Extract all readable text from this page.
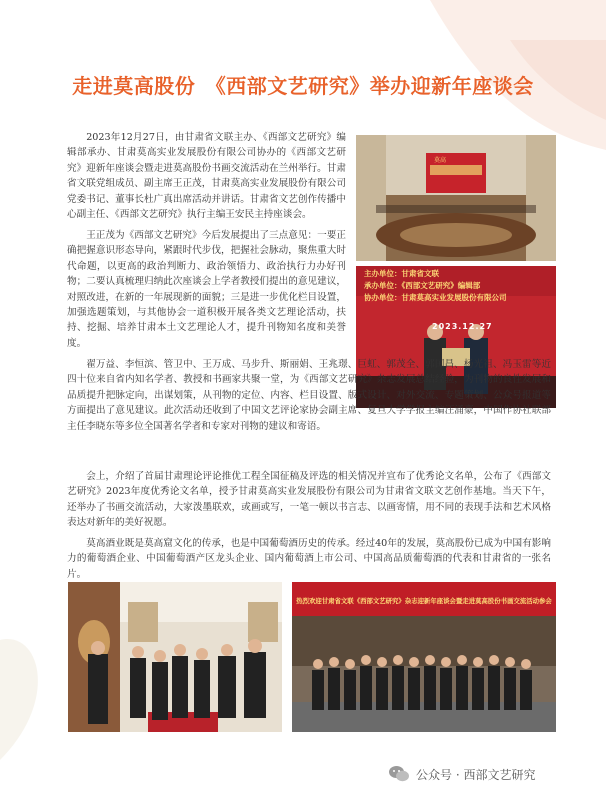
走进莫高股份　《西部文艺研究》举办迎新年座谈会
莫高
主办单位：甘肃省文联
承办单位：《西部文艺研究》编辑部
协办单位：甘肃莫高实业发展股份有限公司
2023.12.27

2023年12月27日，由甘肃省文联主办、《西部文艺研究》编辑部承办、甘肃莫高实业发展股份有限公司协办的《西部文艺研究》迎新年座谈会暨走进莫高股份书画交流活动在兰州举行。甘肃省文联党组成员、副主席王正茂，甘肃莫高实业发展股份有限公司党委书记、董事长杜广真出席活动并讲话。甘肃省文艺创作传播中心副主任、《西部文艺研究》执行主编王安民主持座谈会。

王正茂为《西部文艺研究》今后发展提出了三点意见：一要正确把握意识形态导向，紧跟时代步伐，把握社会脉动，聚焦重大时代命题，以更高的政治判断力、政治领悟力、政治执行力办好刊物；二要认真梳理归纳此次座谈会上学者教授们提出的意见建议，对照改进，在新的一年展现新的面貌；三是进一步优化栏目设置，加强选题策划，与其他协会一道积极开展各类文艺理论活动，扶持、挖掘、培养甘肃本土文艺理论人才，提升刊物知名度和美誉度。

翟万益、李恒滨、管卫中、王万成、马步升、斯丽娟、王兆璟、巨虹、郭茂全、郭国昌、杨光祖、冯玉雷等近四十位来自省内知名学者、教授和书画家共聚一堂，为《西部文艺研究》杂志发展总结经验，为刊物的良性发展和品质提升把脉定向，出谋划策，从刊物的定位、内容、栏目设置、版式设计、对外交流、专题策划、公众号报道等方面提出了意见建议。此次活动还收到了中国文艺评论家协会副主席、复旦大学学报主编汪涌豪，中国作协社联部主任李晓东等多位全国著名学者和专家对刊物的建议和寄语。

会上，介绍了首届甘肃理论评论推优工程全国征稿及评选的相关情况并宣布了优秀论文名单，公布了《西部文艺研究》2023年度优秀论文名单，授予甘肃莫高实业发展股份有限公司为甘肃省文联文艺创作基地。当天下午，还举办了书画交流活动，大家泼墨联欢，或画或写，一笔一顿以书言志、以画寄情，用不同的表现手法和艺术风格表达对新年的美好祝愿。

莫高酒业既是莫高窟文化的传承，也是中国葡萄酒历史的传承。经过40年的发展，莫高股份已成为中国有影响力的葡萄酒企业、中国葡萄酒产区龙头企业、国内葡萄酒上市公司、中国高品质葡萄酒的代表和甘肃省的一张名片。

热烈欢迎甘肃省文联《西部文艺研究》杂志迎新年座谈会暨走进莫高股份书画交流活动参会
公众号 · 西部文艺研究
